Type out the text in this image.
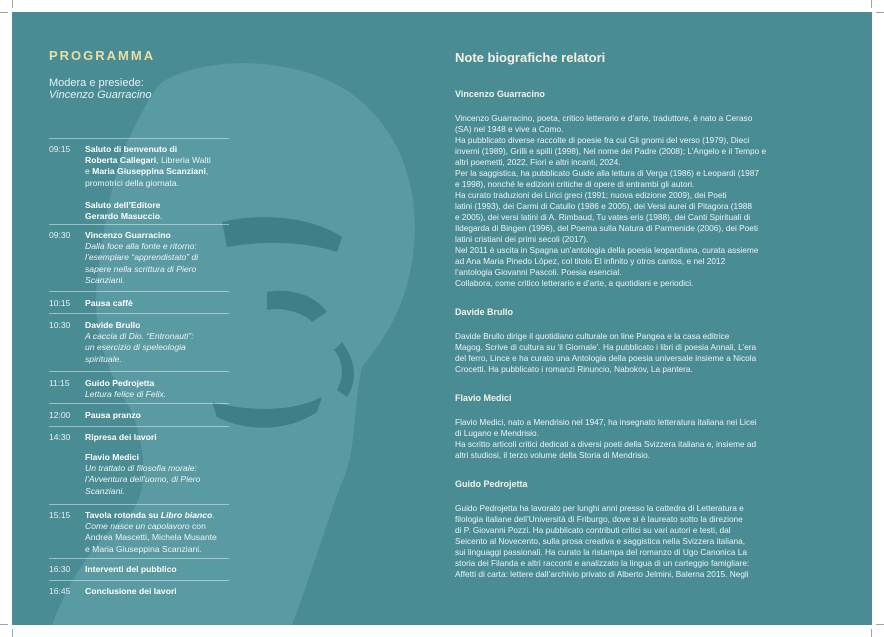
PROGRAMMA

Modera e presiede:

Vincenzo Guarracino

09:15 Saluto di benvenuto di
Roberta Callegari, Libreria Walti
e Maria Giuseppina Scanziani,
promotrici della giornata.
Saluto dell’Editore
Gerardo Masuccio.
09:30 Vincenzo Guarracino
Dalla foce alla fonte e ritorno:
l’esemplare “apprendistato” di
sapere nella scrittura di Piero
Scanziani.
10:15 Pausa caffè
10:30 Davide Brullo
A caccia di Dio. “Entronauti”:
un esercizio di speleologia
spirituale.
11:15 Guido Pedrojetta
Lettura felice di Felix.
12:00 Pausa pranzo
14:30 Ripresa dei lavori
Flavio Medici
Un trattato di filosofia morale:
l’Avventura dell’uomo, di Piero
Scanziani.
15:15 Tavola rotonda su Libro bianco.
Come nasce un capolavoro con
Andrea Mascetti, Michela Musante
e Maria Giuseppina Scanziani.
16:30 Interventi del pubblico
16:45 Conclusione dei lavori

Note biografiche relatori

Vincenzo Guarracino

Vincenzo Guarracino, poeta, critico letterario e d’arte, traduttore, è nato a Ceraso
(SA) nel 1948 e vive a Como.
Ha pubblicato diverse raccolte di poesie fra cui Gli gnomi del verso (1979), Dieci
inverni (1989), Grilli e spilli (1998), Nel nome del Padre (2008); L’Angelo e il Tempo e
altri poemetti, 2022, Fiori e altri incanti, 2024.
Per la saggistica, ha pubblicato Guide alla lettura di Verga (1986) e Leopardi (1987
e 1998), nonché le edizioni critiche di opere di entrambi gli autori.
Ha curato traduzioni dei Lirici greci (1991; nuova edizione 2009), dei Poeti
latini (1993), dei Carmi di Catullo (1986 e 2005), dei Versi aurei di Pitagora (1988
e 2005), dei versi latini di A. Rimbaud, Tu vates eris (1988), dei Canti Spirituali di
Ildegarda di Bingen (1996), del Poema sulla Natura di Parmenide (2006), dei Poeti
latini cristiani dei primi secoli (2017).
Nel 2011 è uscita in Spagna un’antologia della poesia leopardiana, curata assieme
ad Ana Maria Pinedo López, col titolo El infinito y otros cantos, e nel 2012
l’antologia Giovanni Pascoli. Poesia esencial.
Collabora, come critico letterario e d’arte, a quotidiani e periodici.

Davide Brullo

Davide Brullo dirige il quotidiano culturale on line Pangea e la casa editrice
Magog. Scrive di cultura su ‘il Giornale’. Ha pubblicato i libri di poesia Annali, L’era
del ferro, Lince e ha curato una Antologia della poesia universale insieme a Nicola
Crocetti. Ha pubblicato i romanzi Rinuncio, Nabokov, La pantera.

Flavio Medici

Flavio Medici, nato a Mendrisio nel 1947, ha insegnato letteratura italiana nei Licei
di Lugano e Mendrisio.
Ha scritto articoli critici dedicati a diversi poeti della Svizzera italiana e, insieme ad
altri studiosi, il terzo volume della Storia di Mendrisio.

Guido Pedrojetta

Guido Pedrojetta ha lavorato per lunghi anni presso la cattedra di Letteratura e
filologia italiane dell’Università di Friburgo, dove si è laureato sotto la direzione
di P. Giovanni Pozzi. Ha pubblicato contributi critici su vari autori e testi, dal
Seicento al Novecento, sulla prosa creativa e saggistica nella Svizzera italiana,
sui linguaggi passionali. Ha curato la ristampa del romanzo di Ugo Canonica La
storia dei Filanda e altri racconti e analizzato la lingua di un carteggio famigliare:
Affetti di carta: lettere dall’archivio privato di Alberto Jelmini, Balerna 2015. Negli
